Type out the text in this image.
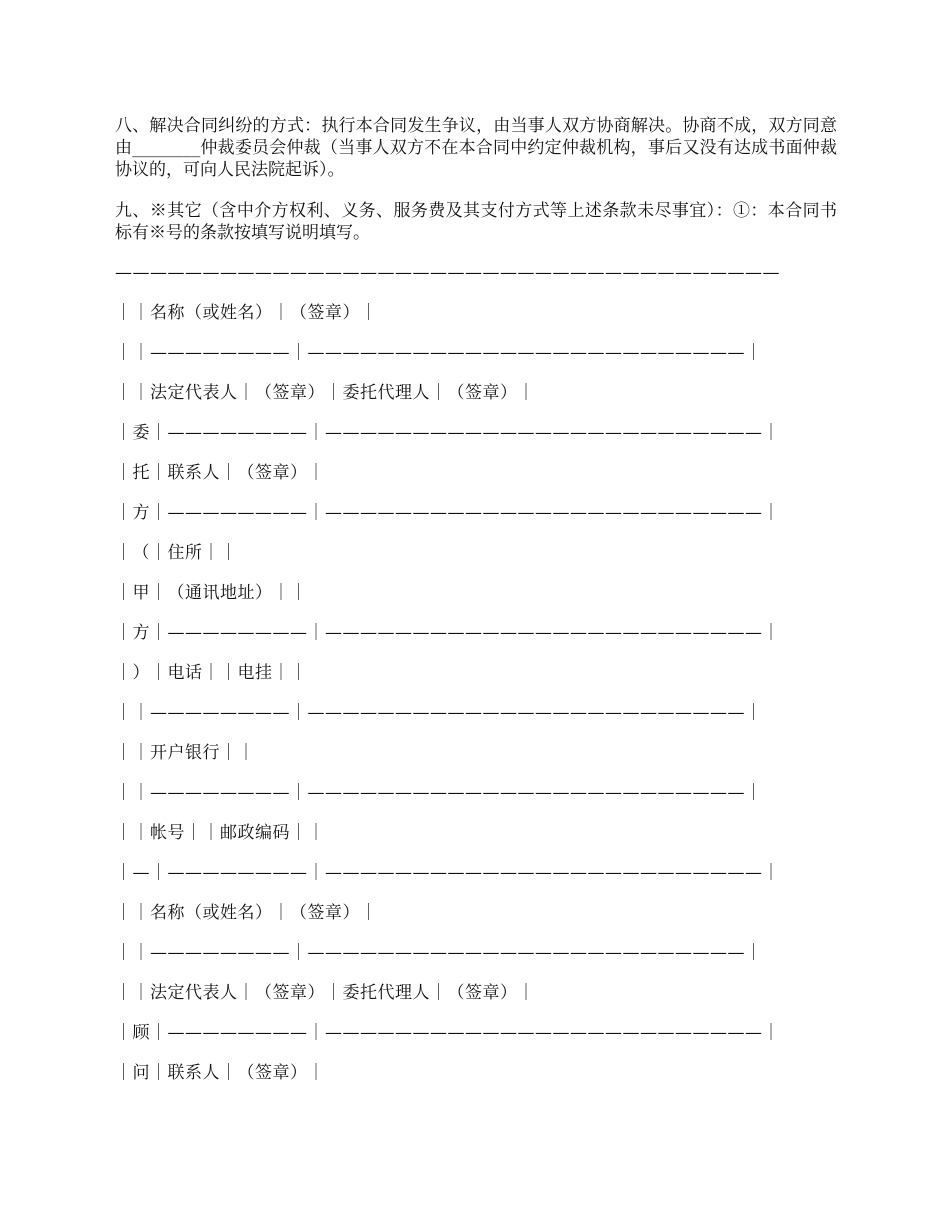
八、解决合同纠纷的方式：执行本合同发生争议，由当事人双方协商解决。协商不成，双方同意由________仲裁委员会仲裁（当事人双方不在本合同中约定仲裁机构，事后又没有达成书面仲裁协议的，可向人民法院起诉）。

九、※其它（含中介方权利、义务、服务费及其支付方式等上述条款未尽事宜）：①：本合同书标有※号的条款按填写说明填写。

——————————————————————————————————————
｜｜名称（或姓名）｜（签章）｜
｜｜————————｜—————————————————————————｜
｜｜法定代表人｜（签章）｜委托代理人｜（签章）｜
｜委｜————————｜—————————————————————————｜
｜托｜联系人｜（签章）｜
｜方｜————————｜—————————————————————————｜
｜（｜住所｜｜
｜甲｜（通讯地址）｜｜
｜方｜————————｜—————————————————————————｜
｜）｜电话｜｜电挂｜｜
｜｜————————｜—————————————————————————｜
｜｜开户银行｜｜
｜｜————————｜—————————————————————————｜
｜｜帐号｜｜邮政编码｜｜
｜—｜————————｜—————————————————————————｜
｜｜名称（或姓名）｜（签章）｜
｜｜————————｜—————————————————————————｜
｜｜法定代表人｜（签章）｜委托代理人｜（签章）｜
｜顾｜————————｜—————————————————————————｜
｜问｜联系人｜（签章）｜
